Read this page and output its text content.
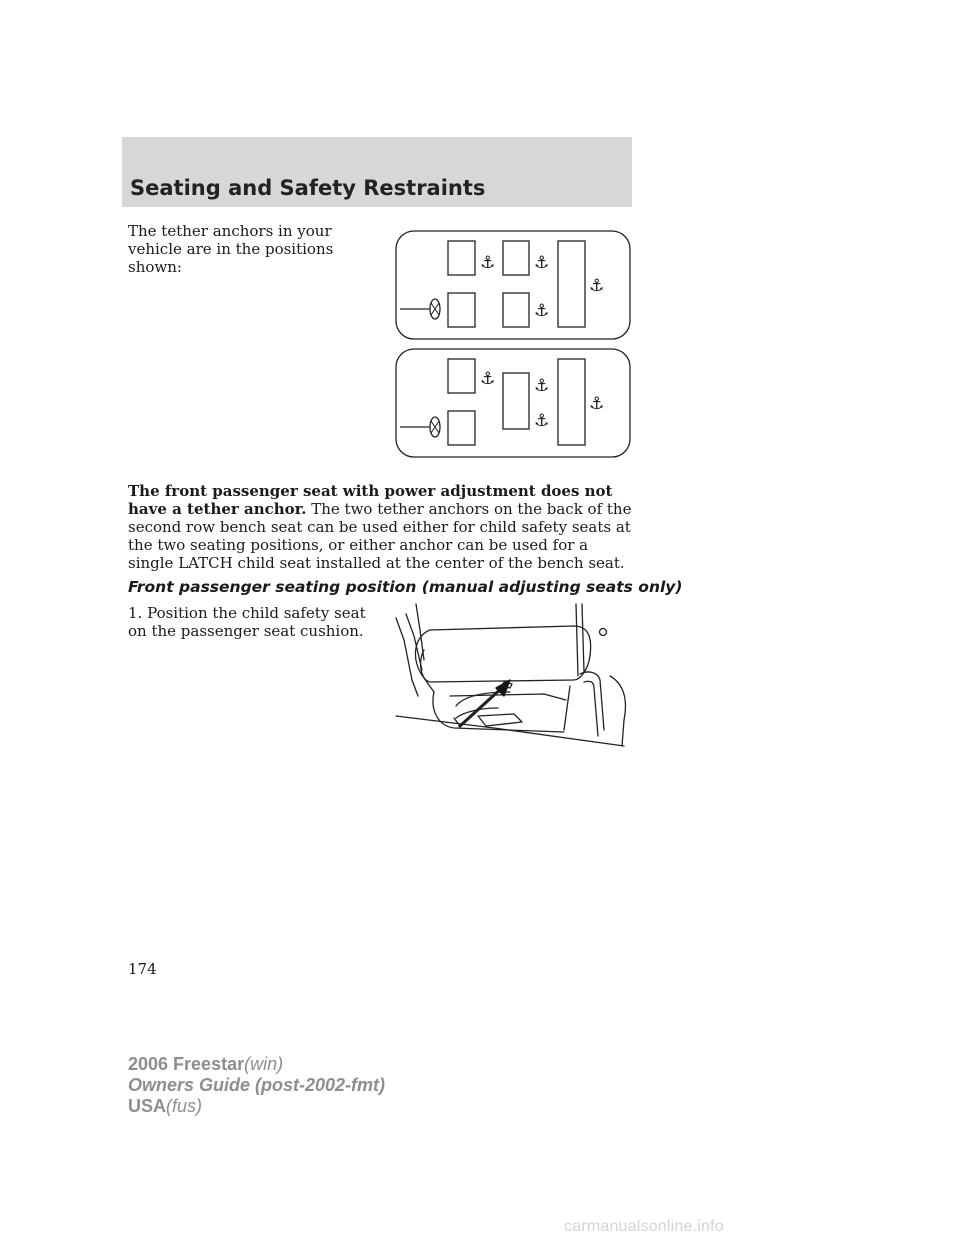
Seating and Safety Restraints

The tether anchors in your vehicle are in the positions shown:	⚓ ⚓
⚓
⚓
⚓ ⚓
⚓
⚓

The front passenger seat with power adjustment does not have a tether anchor. The two tether anchors on the back of the second row bench seat can be used either for child safety seats at the two seating positions, or either anchor can be used for a single LATCH child seat installed at the center of the bench seat.

Front passenger seating position (manual adjusting seats only)

1. Position the child safety seat on the passenger seat cushion.

174

2006 Freestar(win)
Owners Guide (post-2002-fmt)
USA(fus)

carmanualsonline.info
